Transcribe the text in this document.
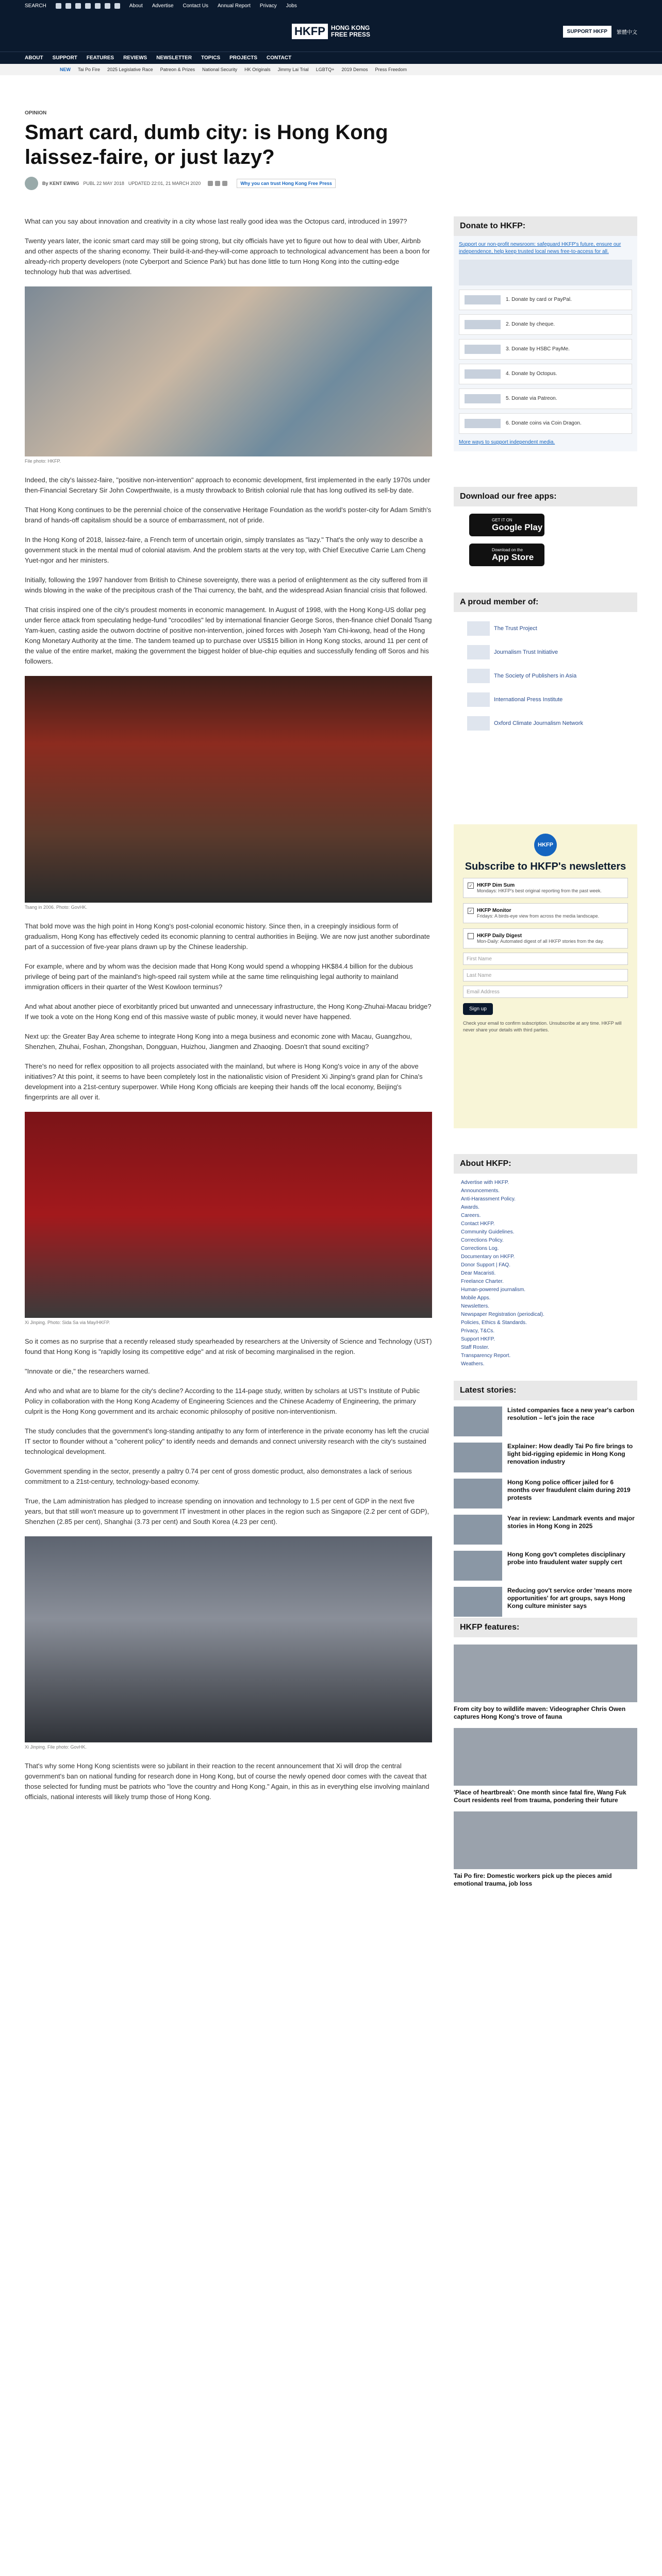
SEARCH	About Advertise Contact Us Annual Report Privacy Jobs
HKFP HONG KONG
FREE PRESS	SUPPORT HKFP	繁體中文
ABOUT SUPPORT FEATURES REVIEWS NEWSLETTER TOPICS PROJECTS CONTACT
NEW Tai Po Fire 2025 Legislative Race Patreon & Prizes National Security HK Originals Jimmy Lai Trial LGBTQ+ 2019 Demos Press Freedom
OPINION
Smart card, dumb city: is Hong Kong laissez-faire, or just lazy?
By KENT EWING PUBL 22 MAY 2018 UPDATED 22:01, 21 MARCH 2020	Why you can trust Hong Kong Free Press

What can you say about innovation and creativity in a city whose last really good idea was the Octopus card, introduced in 1997?

Twenty years later, the iconic smart card may still be going strong, but city officials have yet to figure out how to deal with Uber, Airbnb and other aspects of the sharing economy. Their build-it-and-they-will-come approach to technological advancement has been a boon for already-rich property developers (note Cyberport and Science Park) but has done little to turn Hong Kong into the cutting-edge technology hub that was advertised.

File photo: HKFP.

Indeed, the city's laissez-faire, "positive non-intervention" approach to economic development, first implemented in the early 1970s under then-Financial Secretary Sir John Cowperthwaite, is a musty throwback to British colonial rule that has long outlived its sell-by date.

That Hong Kong continues to be the perennial choice of the conservative Heritage Foundation as the world's poster-city for Adam Smith's brand of hands-off capitalism should be a source of embarrassment, not of pride.

In the Hong Kong of 2018, laissez-faire, a French term of uncertain origin, simply translates as "lazy." That's the only way to describe a government stuck in the mental mud of colonial atavism. And the problem starts at the very top, with Chief Executive Carrie Lam Cheng Yuet-ngor and her ministers.

Initially, following the 1997 handover from British to Chinese sovereignty, there was a period of enlightenment as the city suffered from ill winds blowing in the wake of the precipitous crash of the Thai currency, the baht, and the widespread Asian financial crisis that followed.

That crisis inspired one of the city's proudest moments in economic management. In August of 1998, with the Hong Kong-US dollar peg under fierce attack from speculating hedge-fund "crocodiles" led by international financier George Soros, then-finance chief Donald Tsang Yam-kuen, casting aside the outworn doctrine of positive non-intervention, joined forces with Joseph Yam Chi-kwong, head of the Hong Kong Monetary Authority at the time. The tandem teamed up to purchase over US$15 billion in Hong Kong stocks, around 11 per cent of the value of the entire market, making the government the biggest holder of blue-chip equities and successfully fending off Soros and his followers.

Tsang in 2006. Photo: GovHK.

That bold move was the high point in Hong Kong's post-colonial economic history. Since then, in a creepingly insidious form of gradualism, Hong Kong has effectively ceded its economic planning to central authorities in Beijing. We are now just another subordinate part of a succession of five-year plans drawn up by the Chinese leadership.

For example, where and by whom was the decision made that Hong Kong would spend a whopping HK$84.4 billion for the dubious privilege of being part of the mainland's high-speed rail system while at the same time relinquishing legal authority to mainland immigration officers in their quarter of the West Kowloon terminus?

And what about another piece of exorbitantly priced but unwanted and unnecessary infrastructure, the Hong Kong-Zhuhai-Macau bridge? If we took a vote on the Hong Kong end of this massive waste of public money, it would never have happened.

Next up: the Greater Bay Area scheme to integrate Hong Kong into a mega business and economic zone with Macau, Guangzhou, Shenzhen, Zhuhai, Foshan, Zhongshan, Dongguan, Huizhou, Jiangmen and Zhaoqing. Doesn't that sound exciting?

There's no need for reflex opposition to all projects associated with the mainland, but where is Hong Kong's voice in any of the above initiatives? At this point, it seems to have been completely lost in the nationalistic vision of President Xi Jinping's grand plan for China's development into a 21st-century superpower. While Hong Kong officials are keeping their hands off the local economy, Beijing's fingerprints are all over it.

Xi Jinping. Photo: Sida Sa via May/HKFP.

So it comes as no surprise that a recently released study spearheaded by researchers at the University of Science and Technology (UST) found that Hong Kong is "rapidly losing its competitive edge" and at risk of becoming marginalised in the region.

"Innovate or die," the researchers warned.

And who and what are to blame for the city's decline? According to the 114-page study, written by scholars at UST's Institute of Public Policy in collaboration with the Hong Kong Academy of Engineering Sciences and the Chinese Academy of Engineering, the primary culprit is the Hong Kong government and its archaic economic philosophy of positive non-interventionism.

The study concludes that the government's long-standing antipathy to any form of interference in the private economy has left the crucial IT sector to flounder without a "coherent policy" to identify needs and demands and connect university research with the city's sustained technological development.

Government spending in the sector, presently a paltry 0.74 per cent of gross domestic product, also demonstrates a lack of serious commitment to a 21st-century, technology-based economy.

True, the Lam administration has pledged to increase spending on innovation and technology to 1.5 per cent of GDP in the next five years, but that still won't measure up to government IT investment in other places in the region such as Singapore (2.2 per cent of GDP), Shenzhen (2.85 per cent), Shanghai (3.73 per cent) and South Korea (4.23 per cent).

Xi Jinping. File photo: GovHK.

That's why some Hong Kong scientists were so jubilant in their reaction to the recent announcement that Xi will drop the central government's ban on national funding for research done in Hong Kong, but of course the newly opened door comes with the caveat that those selected for funding must be patriots who "love the country and Hong Kong." Again, in this as in everything else involving mainland officials, national interests will likely trump those of Hong Kong.

Donate to HKFP:
Support our non-profit newsroom: safeguard HKFP's future, ensure our independence, help keep trusted local news free-to-access for all.
1. Donate by card or PayPal.
2. Donate by cheque.
3. Donate by HSBC PayMe.
4. Donate by Octopus.
5. Donate via Patreon.
6. Donate coins via Coin Dragon.
More ways to support independent media.
Download our free apps:
GET IT ON
Google Play
Download on the
App Store
A proud member of:
The Trust Project
Journalism Trust Initiative
The Society of Publishers in Asia
International Press Institute
Oxford Climate Journalism Network
HKFP
Subscribe to HKFP's newsletters
✓ HKFP Dim Sum
Mondays: HKFP's best original reporting from the past week.
✓ HKFP Monitor
Fridays: A birds-eye view from across the media landscape.
HKFP Daily Digest
Mon-Daily: Automated digest of all HKFP stories from the day.
First Name
Last Name
Email Address
Sign up
Check your email to confirm subscription. Unsubscribe at any time. HKFP will never share your details with third parties.
About HKFP:
Advertise with HKFP.
Announcements.
Anti-Harassment Policy.
Awards.
Careers.
Contact HKFP.
Community Guidelines.
Corrections Policy.
Corrections Log.
Documentary on HKFP.
Donor Support | FAQ.
Dear Macaristi.
Freelance Charter.
Human-powered journalism.
Mobile Apps.
Newsletters.
Newspaper Registration (periodical).
Policies, Ethics & Standards.
Privacy, T&Cs.
Support HKFP.
Staff Roster.
Transparency Report.
Weathers.
Latest stories:
Listed companies face a new year's carbon resolution – let's join the race
Explainer: How deadly Tai Po fire brings to light bid-rigging epidemic in Hong Kong renovation industry
Hong Kong police officer jailed for 6 months over fraudulent claim during 2019 protests
Year in review: Landmark events and major stories in Hong Kong in 2025
Hong Kong gov't completes disciplinary probe into fraudulent water supply cert
Reducing gov't service order 'means more opportunities' for art groups, says Hong Kong culture minister says
HKFP features:
From city boy to wildlife maven: Videographer Chris Owen captures Hong Kong's trove of fauna
'Place of heartbreak': One month since fatal fire, Wang Fuk Court residents reel from trauma, pondering their future
Tai Po fire: Domestic workers pick up the pieces amid emotional trauma, job loss
